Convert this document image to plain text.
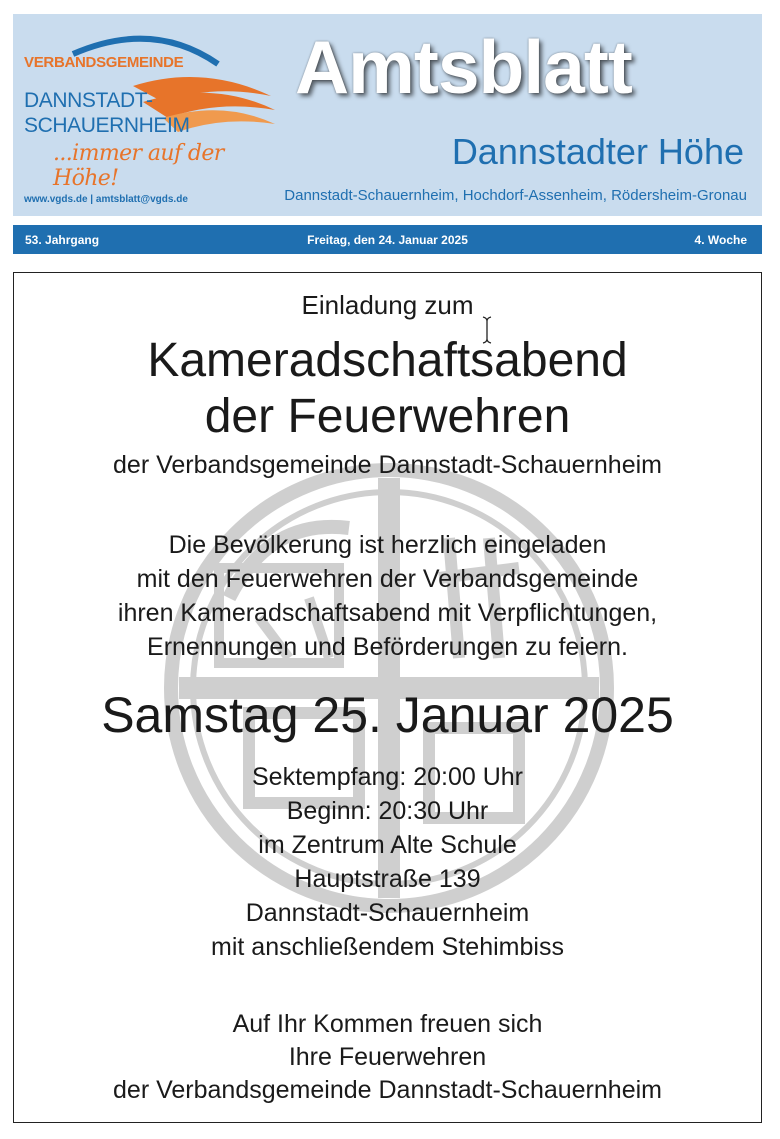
VERBANDSGEMEINDE
DANNSTADT-
SCHAUERNHEIM
...immer auf der Höhe!
www.vgds.de | amtsblatt@vgds.de
Amtsblatt
Dannstadter Höhe
Dannstadt-Schauernheim, Hochdorf-Assenheim, Rödersheim-Gronau
53. Jahrgang	Freitag, den 24. Januar 2025	4. Woche
Einladung zum
Kameradschaftsabend
der Feuerwehren
der Verbandsgemeinde Dannstadt-Schauernheim
Die Bevölkerung ist herzlich eingeladen
mit den Feuerwehren der Verbandsgemeinde
ihren Kameradschaftsabend mit Verpflichtungen,
Ernennungen und Beförderungen zu feiern.
Samstag 25. Januar 2025
Sektempfang: 20:00 Uhr
Beginn: 20:30 Uhr
im Zentrum Alte Schule
Hauptstraße 139
Dannstadt-Schauernheim
mit anschließendem Stehimbiss
Auf Ihr Kommen freuen sich
Ihre Feuerwehren
der Verbandsgemeinde Dannstadt-Schauernheim
